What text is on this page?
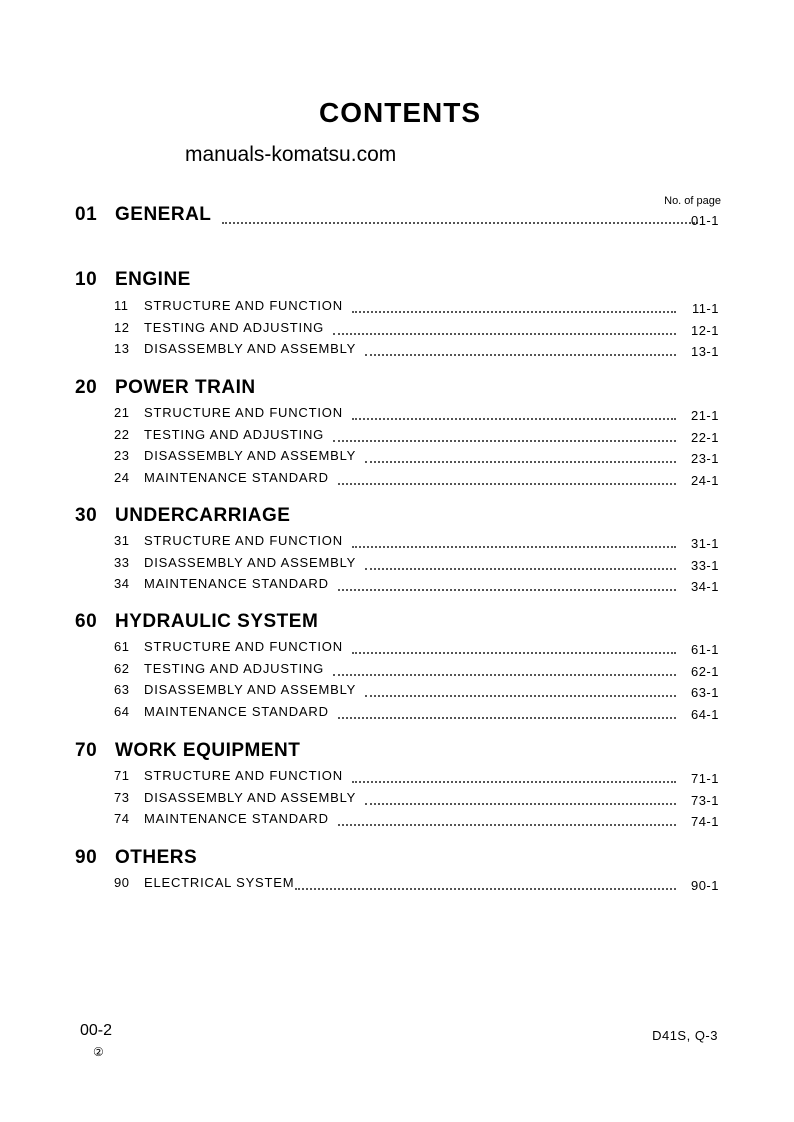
CONTENTS
manuals-komatsu.com
No. of page
01 GENERAL	01-1
10 ENGINE
11 STRUCTURE AND FUNCTION	11-1
12 TESTING AND ADJUSTING	12-1
13 DISASSEMBLY AND ASSEMBLY	13-1
20 POWER TRAIN
21 STRUCTURE AND FUNCTION	21-1
22 TESTING AND ADJUSTING	22-1
23 DISASSEMBLY AND ASSEMBLY	23-1
24 MAINTENANCE STANDARD	24-1
30 UNDERCARRIAGE
31 STRUCTURE AND FUNCTION	31-1
33 DISASSEMBLY AND ASSEMBLY	33-1
34 MAINTENANCE STANDARD	34-1
60 HYDRAULIC SYSTEM
61 STRUCTURE AND FUNCTION	61-1
62 TESTING AND ADJUSTING	62-1
63 DISASSEMBLY AND ASSEMBLY	63-1
64 MAINTENANCE STANDARD	64-1
70 WORK EQUIPMENT
71 STRUCTURE AND FUNCTION	71-1
73 DISASSEMBLY AND ASSEMBLY	73-1
74 MAINTENANCE STANDARD	74-1
90 OTHERS
90 ELECTRICAL SYSTEM	90-1
00-2
②
D41S, Q-3
